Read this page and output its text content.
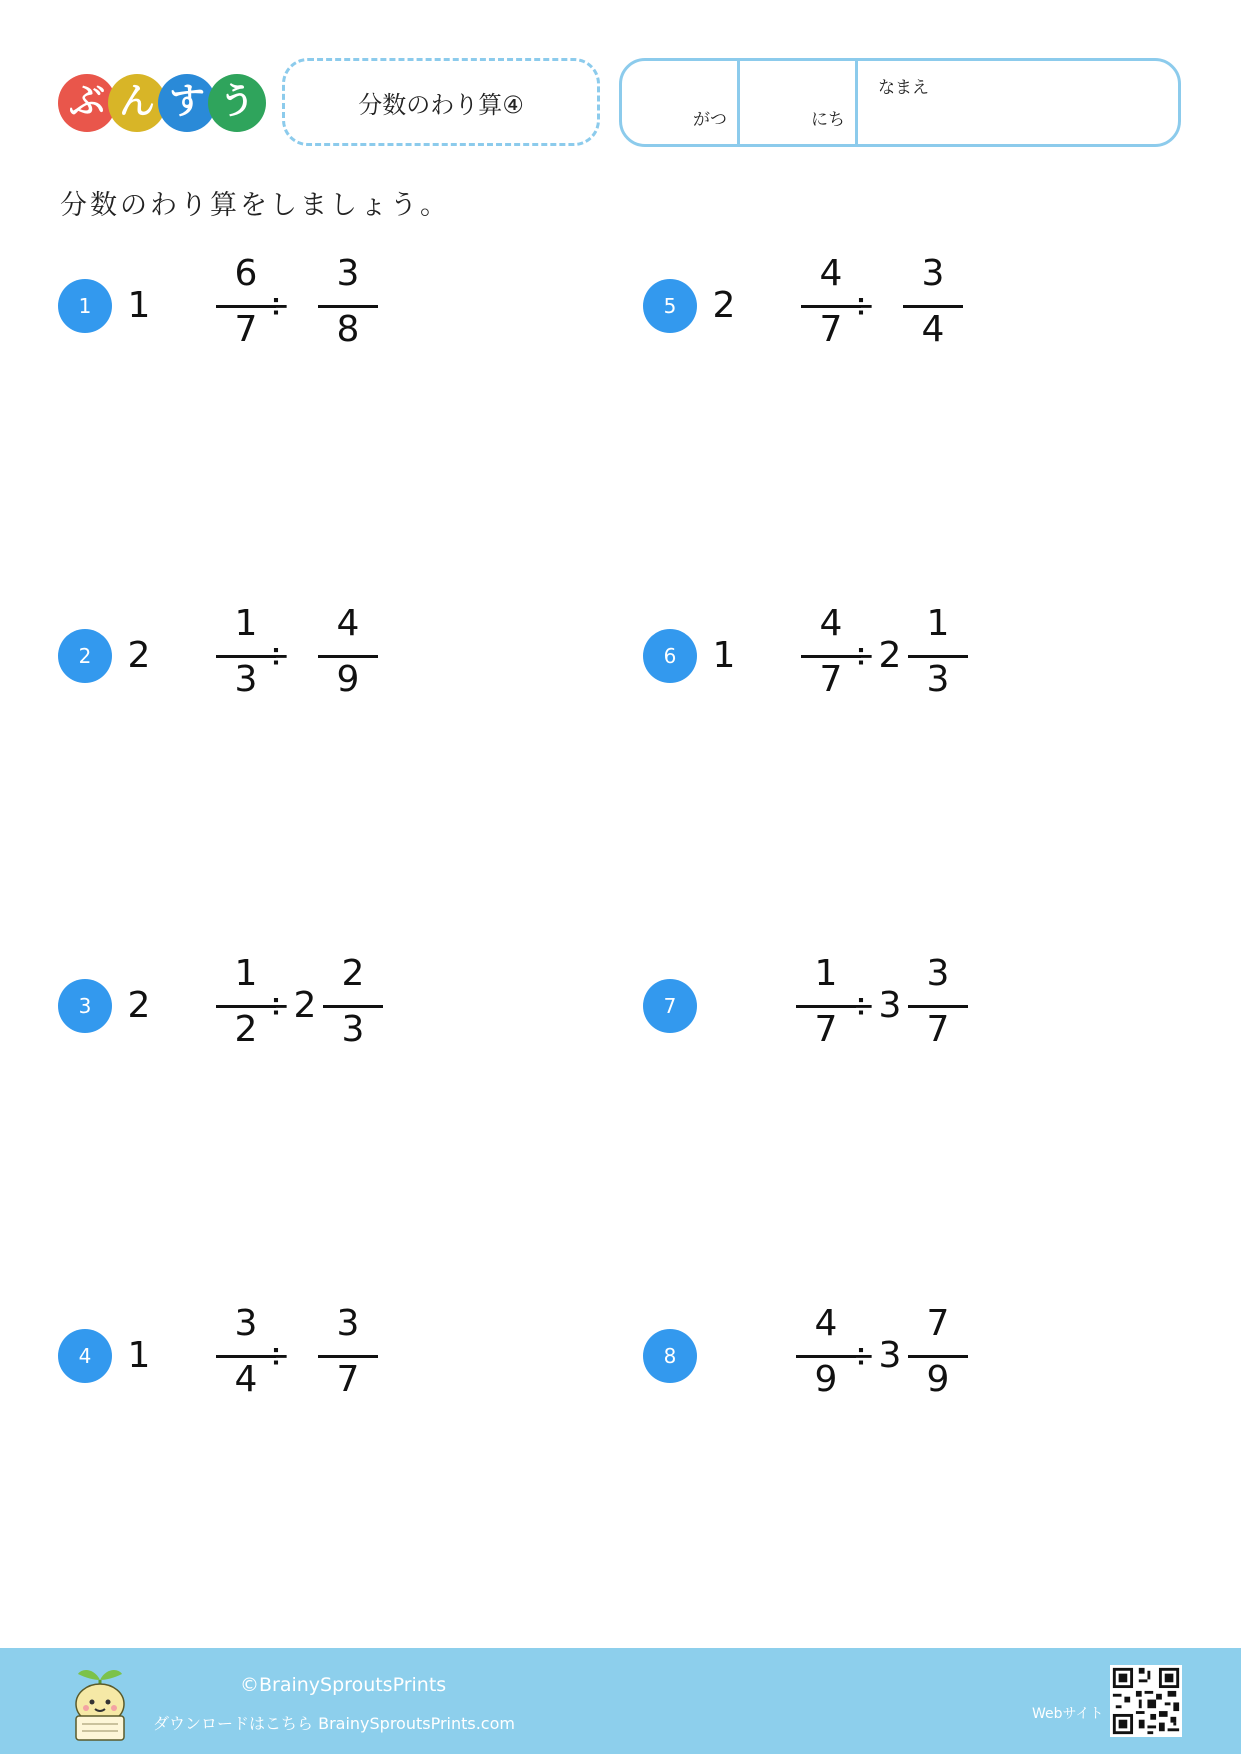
ぶ ん す う	分数のわり算④
がつ	にち
なまえ
分数のわり算をしましょう。
1	1
6
7
÷
3
8
2	2
1
3
÷
4
9
3	2
1
2
÷ 2
2
3
4	1
3
4
÷
3
7
5	2
4
7
÷
3
4
6	1
4
7
÷ 2
1
3
7
1
7
÷ 3
3
7
8
4
9
÷ 3
7
9
©BrainySproutsPrints
ダウンロードはこちら BrainySproutsPrints.com	Webサイト
